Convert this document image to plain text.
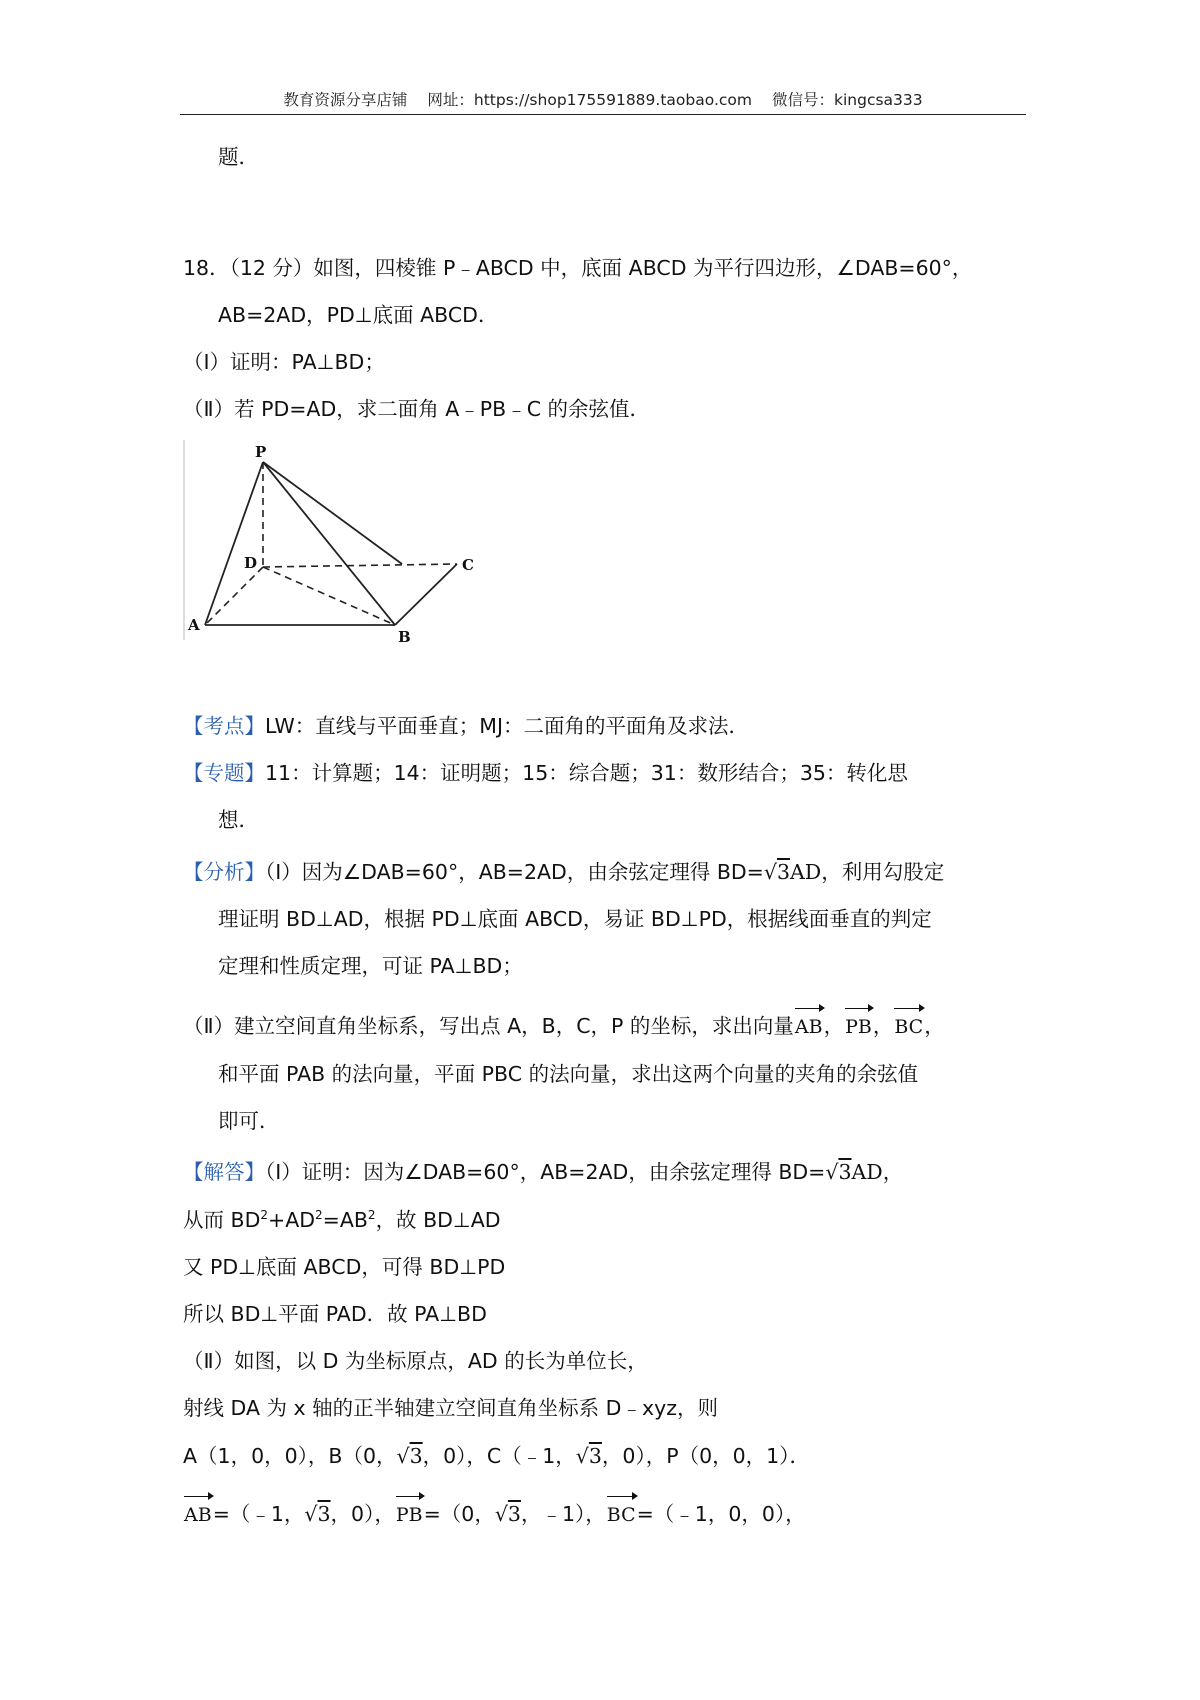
教育资源分享店铺 网址：https://shop175591889.taobao.com 微信号：kingcsa333
题．
18．（12 分）如图，四棱锥 P﹣ABCD 中，底面 ABCD 为平行四边形，∠DAB=60°，
AB=2AD，PD⊥底面 ABCD．
（Ⅰ）证明：PA⊥BD；
（Ⅱ）若 PD=AD，求二面角 A﹣PB﹣C 的余弦值．
P
D	C
A
B
【考点】LW：直线与平面垂直；MJ：二面角的平面角及求法．
【专题】11：计算题；14：证明题；15：综合题；31：数形结合；35：转化思
想．
【分析】（Ⅰ）因为∠DAB=60°，AB=2AD，由余弦定理得 BD=√3AD，利用勾股定
理证明 BD⊥AD，根据 PD⊥底面 ABCD，易证 BD⊥PD，根据线面垂直的判定
定理和性质定理，可证 PA⊥BD；
（Ⅱ）建立空间直角坐标系，写出点 A，B，C，P 的坐标，求出向量AB，PB，BC，
和平面 PAB 的法向量，平面 PBC 的法向量，求出这两个向量的夹角的余弦值
即可．
【解答】（Ⅰ）证明：因为∠DAB=60°，AB=2AD，由余弦定理得 BD=√3AD，
从而 $BD^2+AD^2=AB^2$，故 BD⊥AD
又 PD⊥底面 ABCD，可得 BD⊥PD
所以 BD⊥平面 PAD．故 PA⊥BD
（Ⅱ）如图，以 D 为坐标原点，AD 的长为单位长，
射线 DA 为 x 轴的正半轴建立空间直角坐标系 D﹣xyz，则
A（1，0，0），B（0，√3，0），C（﹣1，√3，0），P（0，0，1）．
AB=（﹣1，√3，0），PB=（0，√3，﹣1），BC=（﹣1，0，0），
